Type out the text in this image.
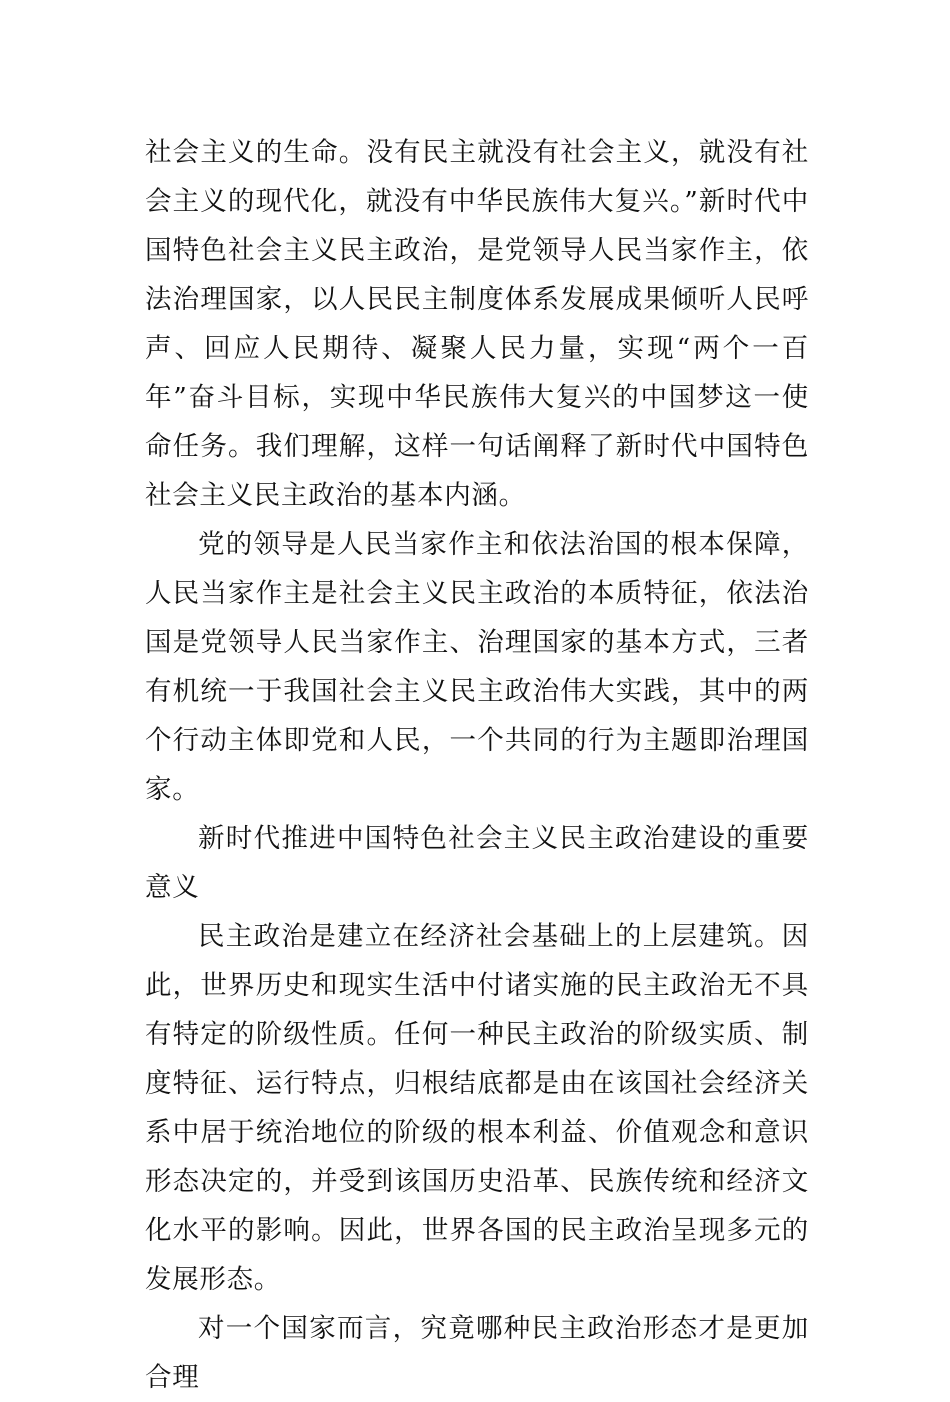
社会主义的生命。没有民主就没有社会主义，就没有社会主义的现代化，就没有中华民族伟大复兴。”新时代中国特色社会主义民主政治，是党领导人民当家作主，依法治理国家，以人民民主制度体系发展成果倾听人民呼声、回应人民期待、凝聚人民力量，实现“两个一百年”奋斗目标，实现中华民族伟大复兴的中国梦这一使命任务。我们理解，这样一句话阐释了新时代中国特色社会主义民主政治的基本内涵。

党的领导是人民当家作主和依法治国的根本保障，人民当家作主是社会主义民主政治的本质特征，依法治国是党领导人民当家作主、治理国家的基本方式，三者有机统一于我国社会主义民主政治伟大实践，其中的两个行动主体即党和人民，一个共同的行为主题即治理国家。

新时代推进中国特色社会主义民主政治建设的重要意义

民主政治是建立在经济社会基础上的上层建筑。因此，世界历史和现实生活中付诸实施的民主政治无不具有特定的阶级性质。任何一种民主政治的阶级实质、制度特征、运行特点，归根结底都是由在该国社会经济关系中居于统治地位的阶级的根本利益、价值观念和意识形态决定的，并受到该国历史沿革、民族传统和经济文化水平的影响。因此，世界各国的民主政治呈现多元的发展形态。

对一个国家而言，究竟哪种民主政治形态才是更加合理
